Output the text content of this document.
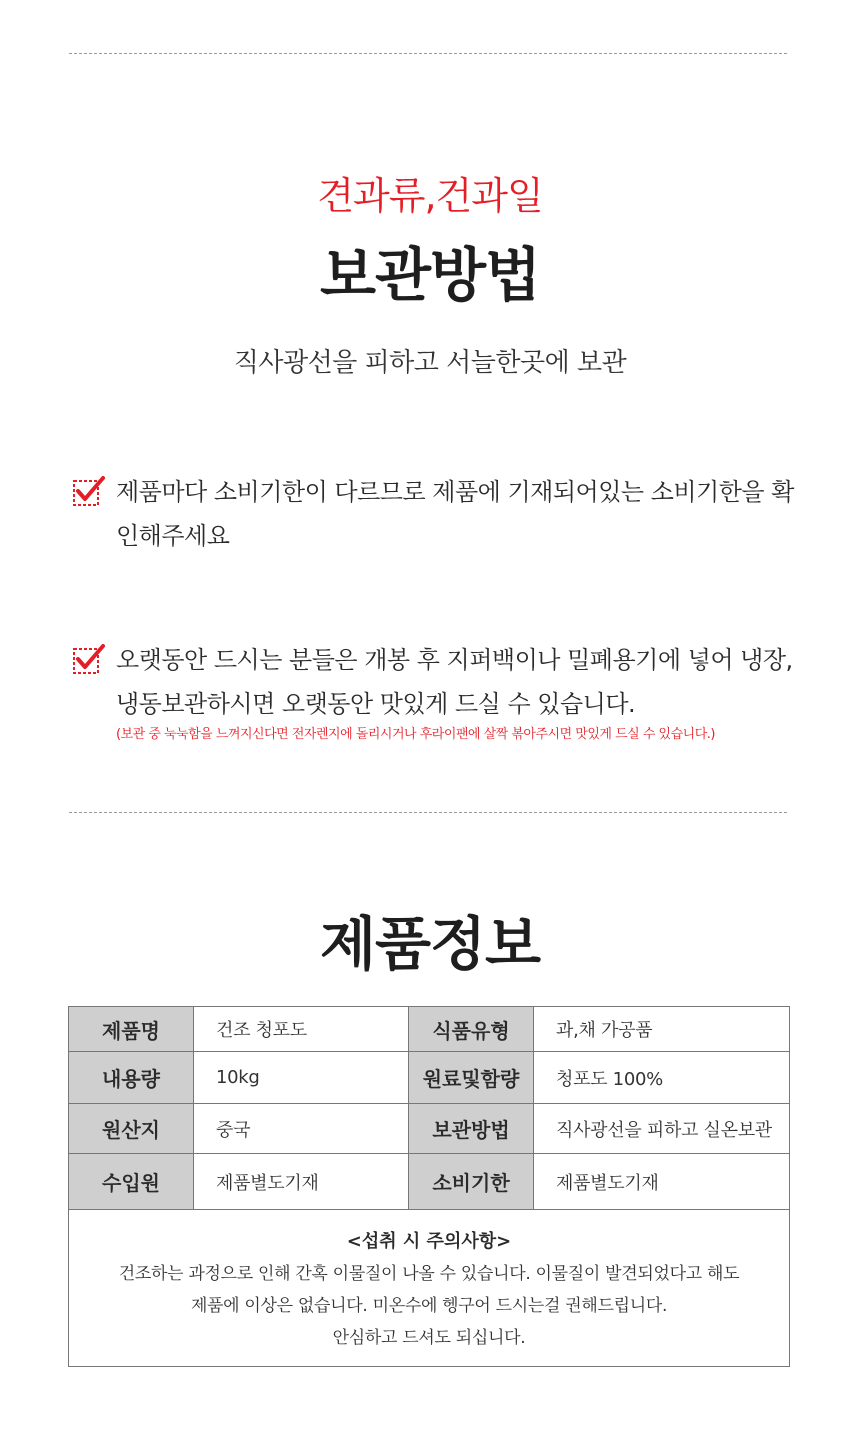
견과류,건과일
보관방법
직사광선을 피하고 서늘한곳에 보관
제품마다 소비기한이 다르므로 제품에 기재되어있는 소비기한을 확인해주세요
오랫동안 드시는 분들은 개봉 후 지퍼백이나 밀폐용기에 넣어 냉장, 냉동보관하시면 오랫동안 맛있게 드실 수 있습니다.
(보관 중 눅눅함을 느껴지신다면 전자렌지에 돌리시거나 후라이팬에 살짝 볶아주시면 맛있게 드실 수 있습니다.)
제품정보
제품명	건조 청포도	식품유형	과,채 가공품
내용량	10kg	원료및함량	청포도 100%
원산지	중국	보관방법	직사광선을 피하고 실온보관
수입원	제품별도기재	소비기한	제품별도기재

<섭취 시 주의사항>
건조하는 과정으로 인해 간혹 이물질이 나올 수 있습니다. 이물질이 발견되었다고 해도
제품에 이상은 없습니다. 미온수에 헹구어 드시는걸 권해드립니다.
안심하고 드셔도 되십니다.			
